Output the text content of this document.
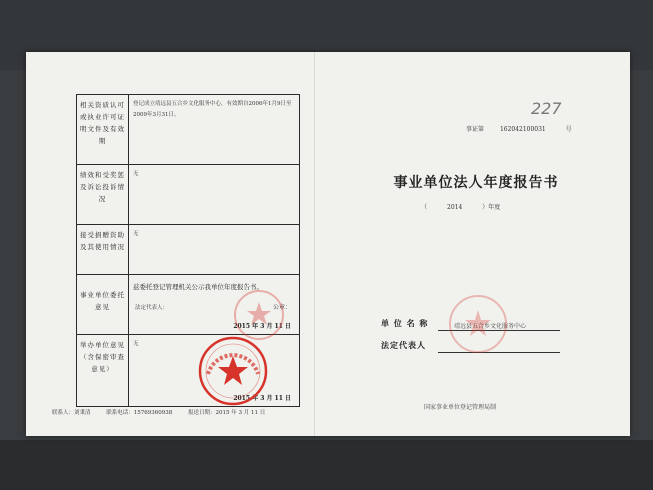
相关资质认可或执业许可证明文件及有效期	登记成立靖远县五合乡文化服务中心，有效期自2006年1月9日至2009年3月31日。

绩效和受奖惩及诉讼投诉情况	无

接受捐赠资助及其使用情况	无

事业单位委托意见	兹委托登记管理机关公示我单位年度报告书。
法定代表人： 公章：
2015 年 3 月 11 日

举办单位意见（含保密审查意见）	无
2015 年 3 月 11 日
联系人：刘秉清	联系电话：15769360938	报送日期：2015 年 3 月 11 日
227
事证第	162042100031	号
事业单位法人年度报告书
（	2014	）年度
单 位 名 称	靖远县五合乡文化服务中心
法定代表人
国家事业单位登记管理局制
